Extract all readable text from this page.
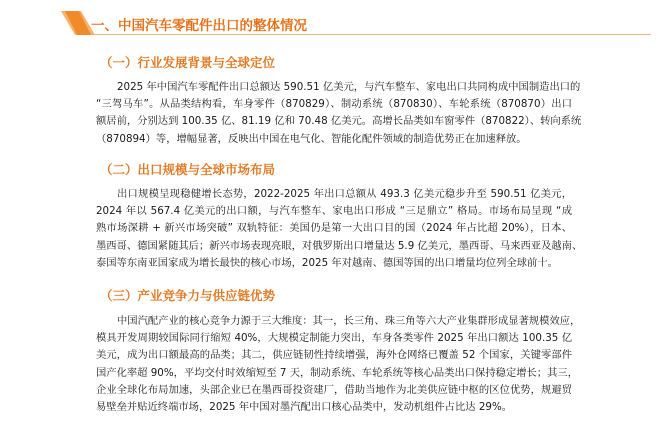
一、中国汽车零配件出口的整体情况
（一）行业发展背景与全球定位
2025 年中国汽车零配件出口总额达 590.51 亿美元，与汽车整车、家电出口共同构成中国制造出口的
“三驾马车”。从品类结构看，车身零件（870829）、制动系统（870830）、车轮系统（870870）出口
额居前，分别达到 100.35 亿、81.19 亿和 70.48 亿美元。高增长品类如车窗零件（870822）、转向系统
（870894）等，增幅显著，反映出中国在电气化、智能化配件领域的制造优势正在加速释放。
（二）出口规模与全球市场布局
出口规模呈现稳健增长态势，2022-2025 年出口总额从 493.3 亿美元稳步升至 590.51 亿美元，
2024 年以 567.4 亿美元的出口额，与汽车整车、家电出口形成 “三足鼎立” 格局。市场布局呈现 “成
熟市场深耕 + 新兴市场突破” 双轨特征：美国仍是第一大出口目的国（2024 年占比超 20%），日本、
墨西哥、德国紧随其后；新兴市场表现亮眼，对俄罗斯出口增量达 5.9 亿美元，墨西哥、马来西亚及越南、
泰国等东南亚国家成为增长最快的核心市场，2025 年对越南、德国等国的出口增量均位列全球前十。
（三）产业竞争力与供应链优势
中国汽配产业的核心竞争力源于三大维度：其一，长三角、珠三角等六大产业集群形成显著规模效应，
模具开发周期较国际同行缩短 40%，大规模定制能力突出，车身各类零件 2025 年出口额达 100.35 亿
美元，成为出口额最高的品类；其二，供应链韧性持续增强，海外仓网络已覆盖 52 个国家，关键零部件
国产化率超 90%，平均交付时效缩短至 7 天，制动系统、车轮系统等核心品类出口保持稳定增长；其三，
企业全球化布局加速，头部企业已在墨西哥投资建厂，借助当地作为北美供应链中枢的区位优势，规避贸
易壁垒并贴近终端市场，2025 年中国对墨汽配出口核心品类中，发动机组件占比达 29%。
